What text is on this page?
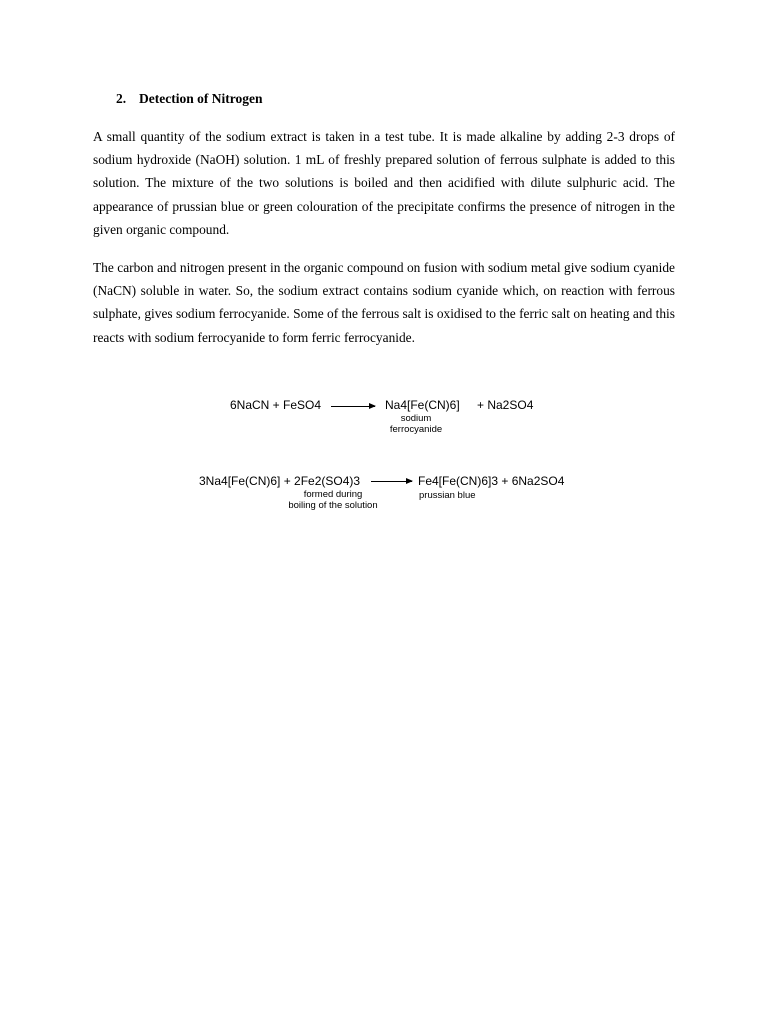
2. Detection of Nitrogen

A small quantity of the sodium extract is taken in a test tube. It is made alkaline by adding 2-3 drops of sodium hydroxide (NaOH) solution. 1 mL of freshly prepared solution of ferrous sulphate is added to this solution. The mixture of the two solutions is boiled and then acidified with dilute sulphuric acid. The appearance of prussian blue or green colouration of the precipitate confirms the presence of nitrogen in the given organic compound.

The carbon and nitrogen present in the organic compound on fusion with sodium metal give sodium cyanide (NaCN) soluble in water. So, the sodium extract contains sodium cyanide which, on reaction with ferrous sulphate, gives sodium ferrocyanide. Some of the ferrous salt is oxidised to the ferric salt on heating and this reacts with sodium ferrocyanide to form ferric ferrocyanide.

6NaCN + FeSO4 → Na4[Fe(CN)6] + Na2SO4
sodium
ferrocyanide
3Na4[Fe(CN)6] + 2Fe2(SO4)3 → Fe4[Fe(CN)6]3 + 6Na2SO4
formed during
boiling of the solution
prussian blue
